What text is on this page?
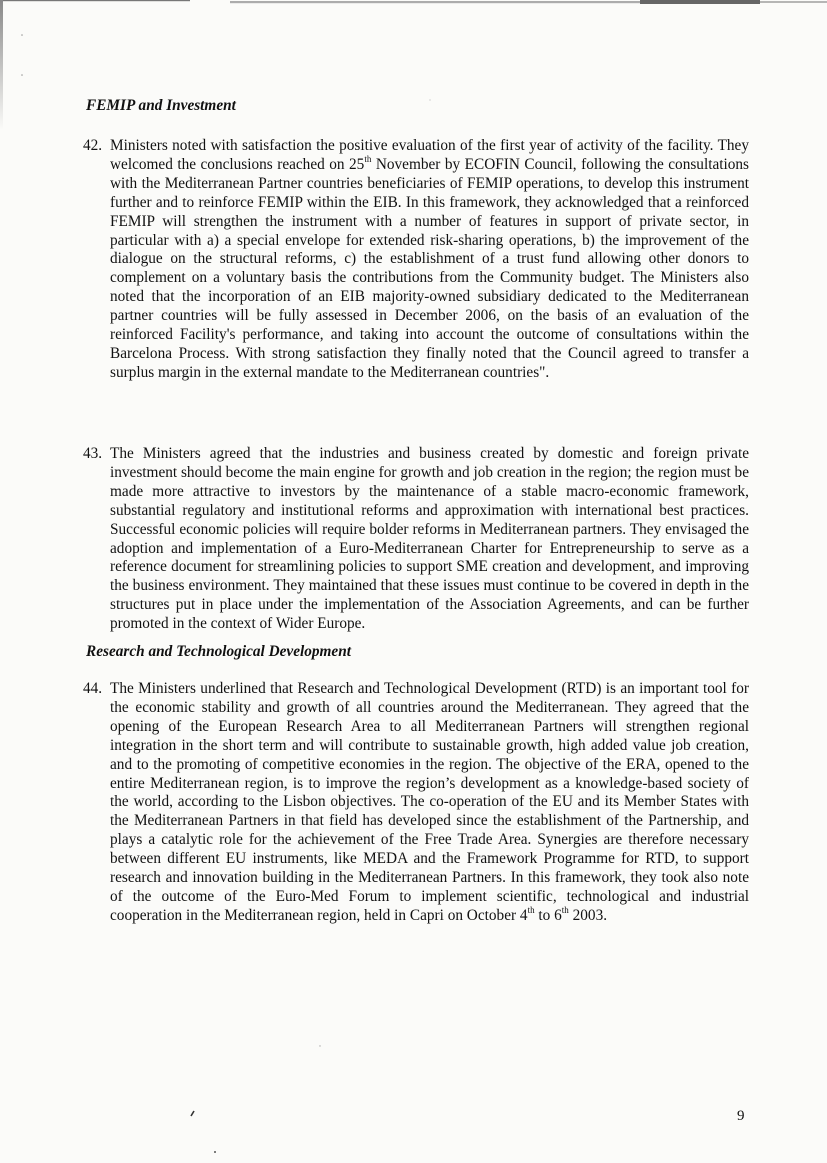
FEMIP and Investment

42. Ministers noted with satisfaction the positive evaluation of the first year of activity of the facility. They welcomed the conclusions reached on 25th November by ECOFIN Council, following the consultations with the Mediterranean Partner countries beneficiaries of FEMIP operations, to develop this instrument further and to reinforce FEMIP within the EIB. In this framework, they acknowledged that a reinforced FEMIP will strengthen the instrument with a number of features in support of private sector, in particular with a) a special envelope for extended risk-sharing operations, b) the improvement of the dialogue on the structural reforms, c) the establishment of a trust fund allowing other donors to complement on a voluntary basis the contributions from the Community budget. The Ministers also noted that the incorporation of an EIB majority-owned subsidiary dedicated to the Mediterranean partner countries will be fully assessed in December 2006, on the basis of an evaluation of the reinforced Facility's performance, and taking into account the outcome of consultations within the Barcelona Process. With strong satisfaction they finally noted that the Council agreed to transfer a surplus margin in the external mandate to the Mediterranean countries".

43. The Ministers agreed that the industries and business created by domestic and foreign private investment should become the main engine for growth and job creation in the region; the region must be made more attractive to investors by the maintenance of a stable macro-economic framework, substantial regulatory and institutional reforms and approximation with international best practices. Successful economic policies will require bolder reforms in Mediterranean partners. They envisaged the adoption and implementation of a Euro-Mediterranean Charter for Entrepreneurship to serve as a reference document for streamlining policies to support SME creation and development, and improving the business environment. They maintained that these issues must continue to be covered in depth in the structures put in place under the implementation of the Association Agreements, and can be further promoted in the context of Wider Europe.

Research and Technological Development

44. The Ministers underlined that Research and Technological Development (RTD) is an important tool for the economic stability and growth of all countries around the Mediterranean. They agreed that the opening of the European Research Area to all Mediterranean Partners will strengthen regional integration in the short term and will contribute to sustainable growth, high added value job creation, and to the promoting of competitive economies in the region. The objective of the ERA, opened to the entire Mediterranean region, is to improve the region’s development as a knowledge-based society of the world, according to the Lisbon objectives. The co-operation of the EU and its Member States with the Mediterranean Partners in that field has developed since the establishment of the Partnership, and plays a catalytic role for the achievement of the Free Trade Area. Synergies are therefore necessary between different EU instruments, like MEDA and the Framework Programme for RTD, to support research and innovation building in the Mediterranean Partners. In this framework, they took also note of the outcome of the Euro-Med Forum to implement scientific, technological and industrial cooperation in the Mediterranean region, held in Capri on October 4th to 6th 2003.

9
